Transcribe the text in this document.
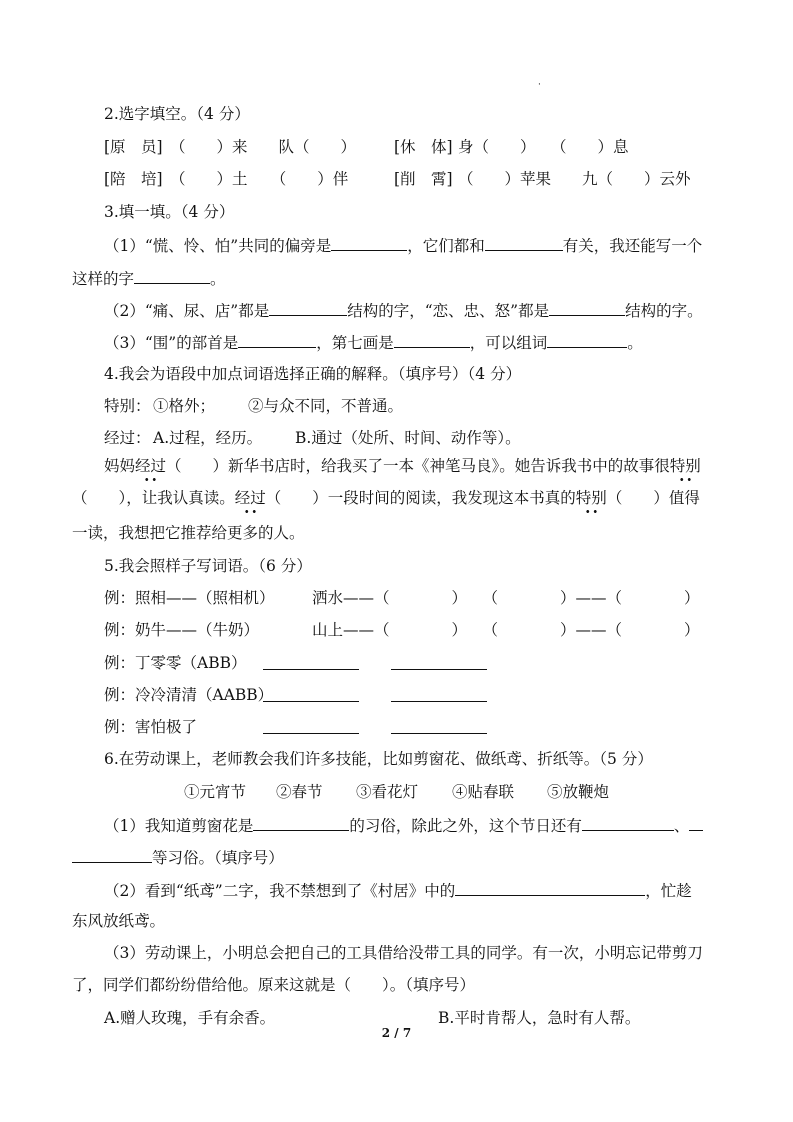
·
2.选字填空。（4 分）
[原　员] （　　）来　　队（　　） [休　体] 身（　　）　　（　　）息
[陪　培] （　　）土　　（　　）伴	[削　霄] （　　）苹果　　九（　　）云外
3.填一填。（4 分）
（1）“慌、怜、怕”共同的偏旁是	，它们都和	有关，我还能写一个
这样的字	。
（2）“痛、尿、店”都是	结构的字，“恋、忠、怒”都是	结构的字。
（3）“围”的部首是	，第七画是	，可以组词	。
4.我会为语段中加点词语选择正确的解释。（填序号）（4 分）
特别： ①格外； ②与众不同，不普通。
经过： A.过程，经历。 B.通过（处所、时间、动作等）。
妈妈经过（　　）新华书店时，给我买了一本《神笔马良》。她告诉我书中的故事很特别
（　　），让我认真读。经过（　　）一段时间的阅读，我发现这本书真的特别（　　）值得
一读，我想把它推荐给更多的人。
5.我会照样子写词语。（6 分）
例：照相——（照相机） 洒水——（　　　　）　　（　　　　）——（　　　　）
例：奶牛——（牛奶）	山上——（　　　　）　　（　　　　）——（　　　　）
例：丁零零（ABB）
例：冷冷清清（AABB）
例：害怕极了
6.在劳动课上，老师教会我们许多技能，比如剪窗花、做纸鸢、折纸等。（5 分）
①元宵节 ②春节 ③看花灯 ④贴春联 ⑤放鞭炮
（1）我知道剪窗花是	的习俗，除此之外，这个节日还有	、
等习俗。（填序号）
（2）看到“纸鸢”二字，我不禁想到了《村居》中的	，忙趁
东风放纸鸢。
（3）劳动课上，小明总会把自己的工具借给没带工具的同学。有一次，小明忘记带剪刀
了，同学们都纷纷借给他。原来这就是（　　）。（填序号）
A.赠人玫瑰，手有余香。	B.平时肯帮人，急时有人帮。
2 / 7
